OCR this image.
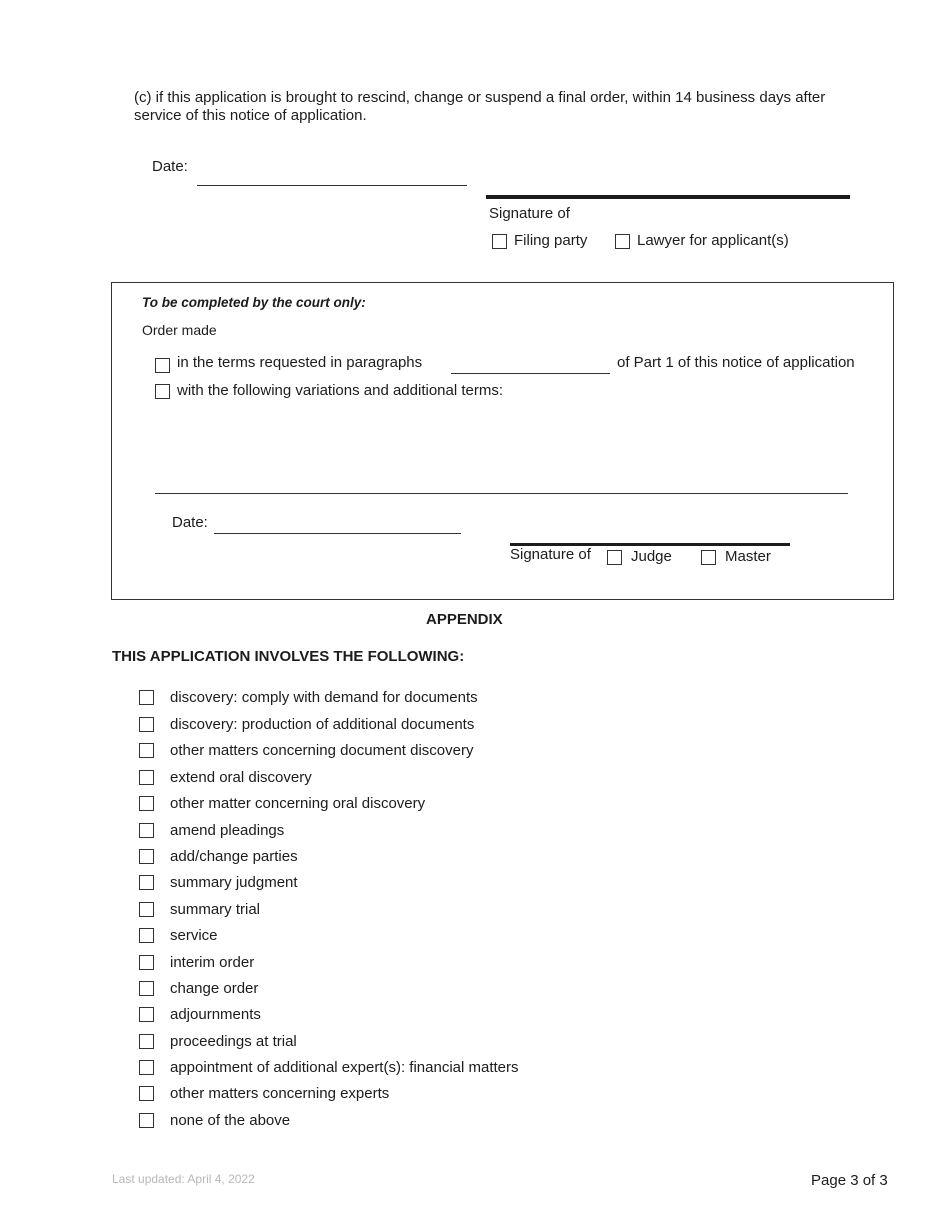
(c) if this application is brought to rescind, change or suspend a final order, within 14 business days after service of this notice of application.
Date:
Signature of
Filing party	Lawyer for applicant(s)
To be completed by the court only:
Order made
in the terms requested in paragraphs	of Part 1 of this notice of application
with the following variations and additional terms:
Date:
Signature of	Judge	Master
APPENDIX
THIS APPLICATION INVOLVES THE FOLLOWING:
discovery: comply with demand for documents
discovery: production of additional documents
other matters concerning document discovery
extend oral discovery
other matter concerning oral discovery
amend pleadings
add/change parties
summary judgment
summary trial
service
interim order
change order
adjournments
proceedings at trial
appointment of additional expert(s): financial matters
other matters concerning experts
none of the above
Last updated: April 4, 2022	Page 3 of 3
